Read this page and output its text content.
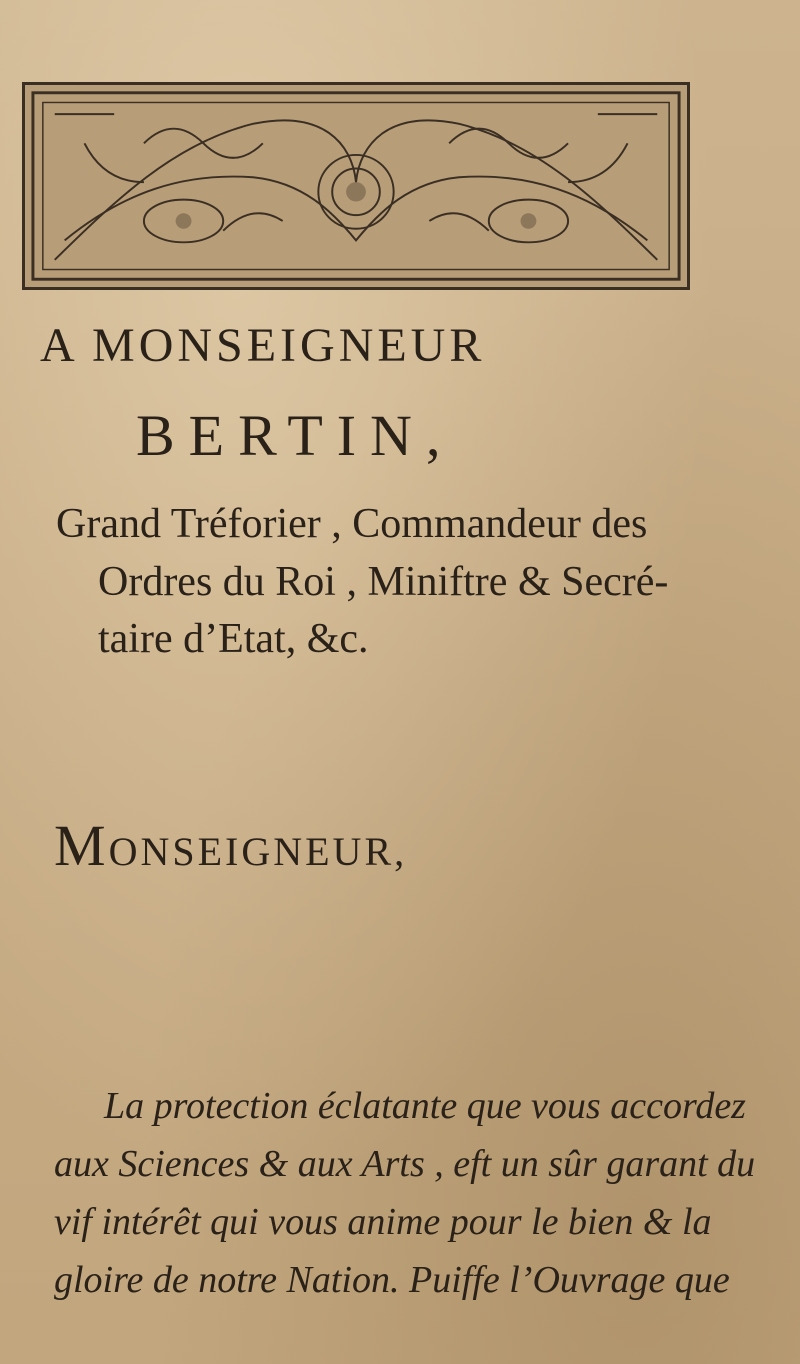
A MONSEIGNEUR
BERTIN,

Grand Tréforier , Commandeur des

Ordres du Roi , Miniftre & Secré-

taire d’Etat, &c.

MONSEIGNEUR,

La protection éclatante que vous accordez

aux Sciences & aux Arts , eft un sûr garant du

vif intérêt qui vous anime pour le bien & la

gloire de notre Nation. Puiffe l’Ouvrage que
